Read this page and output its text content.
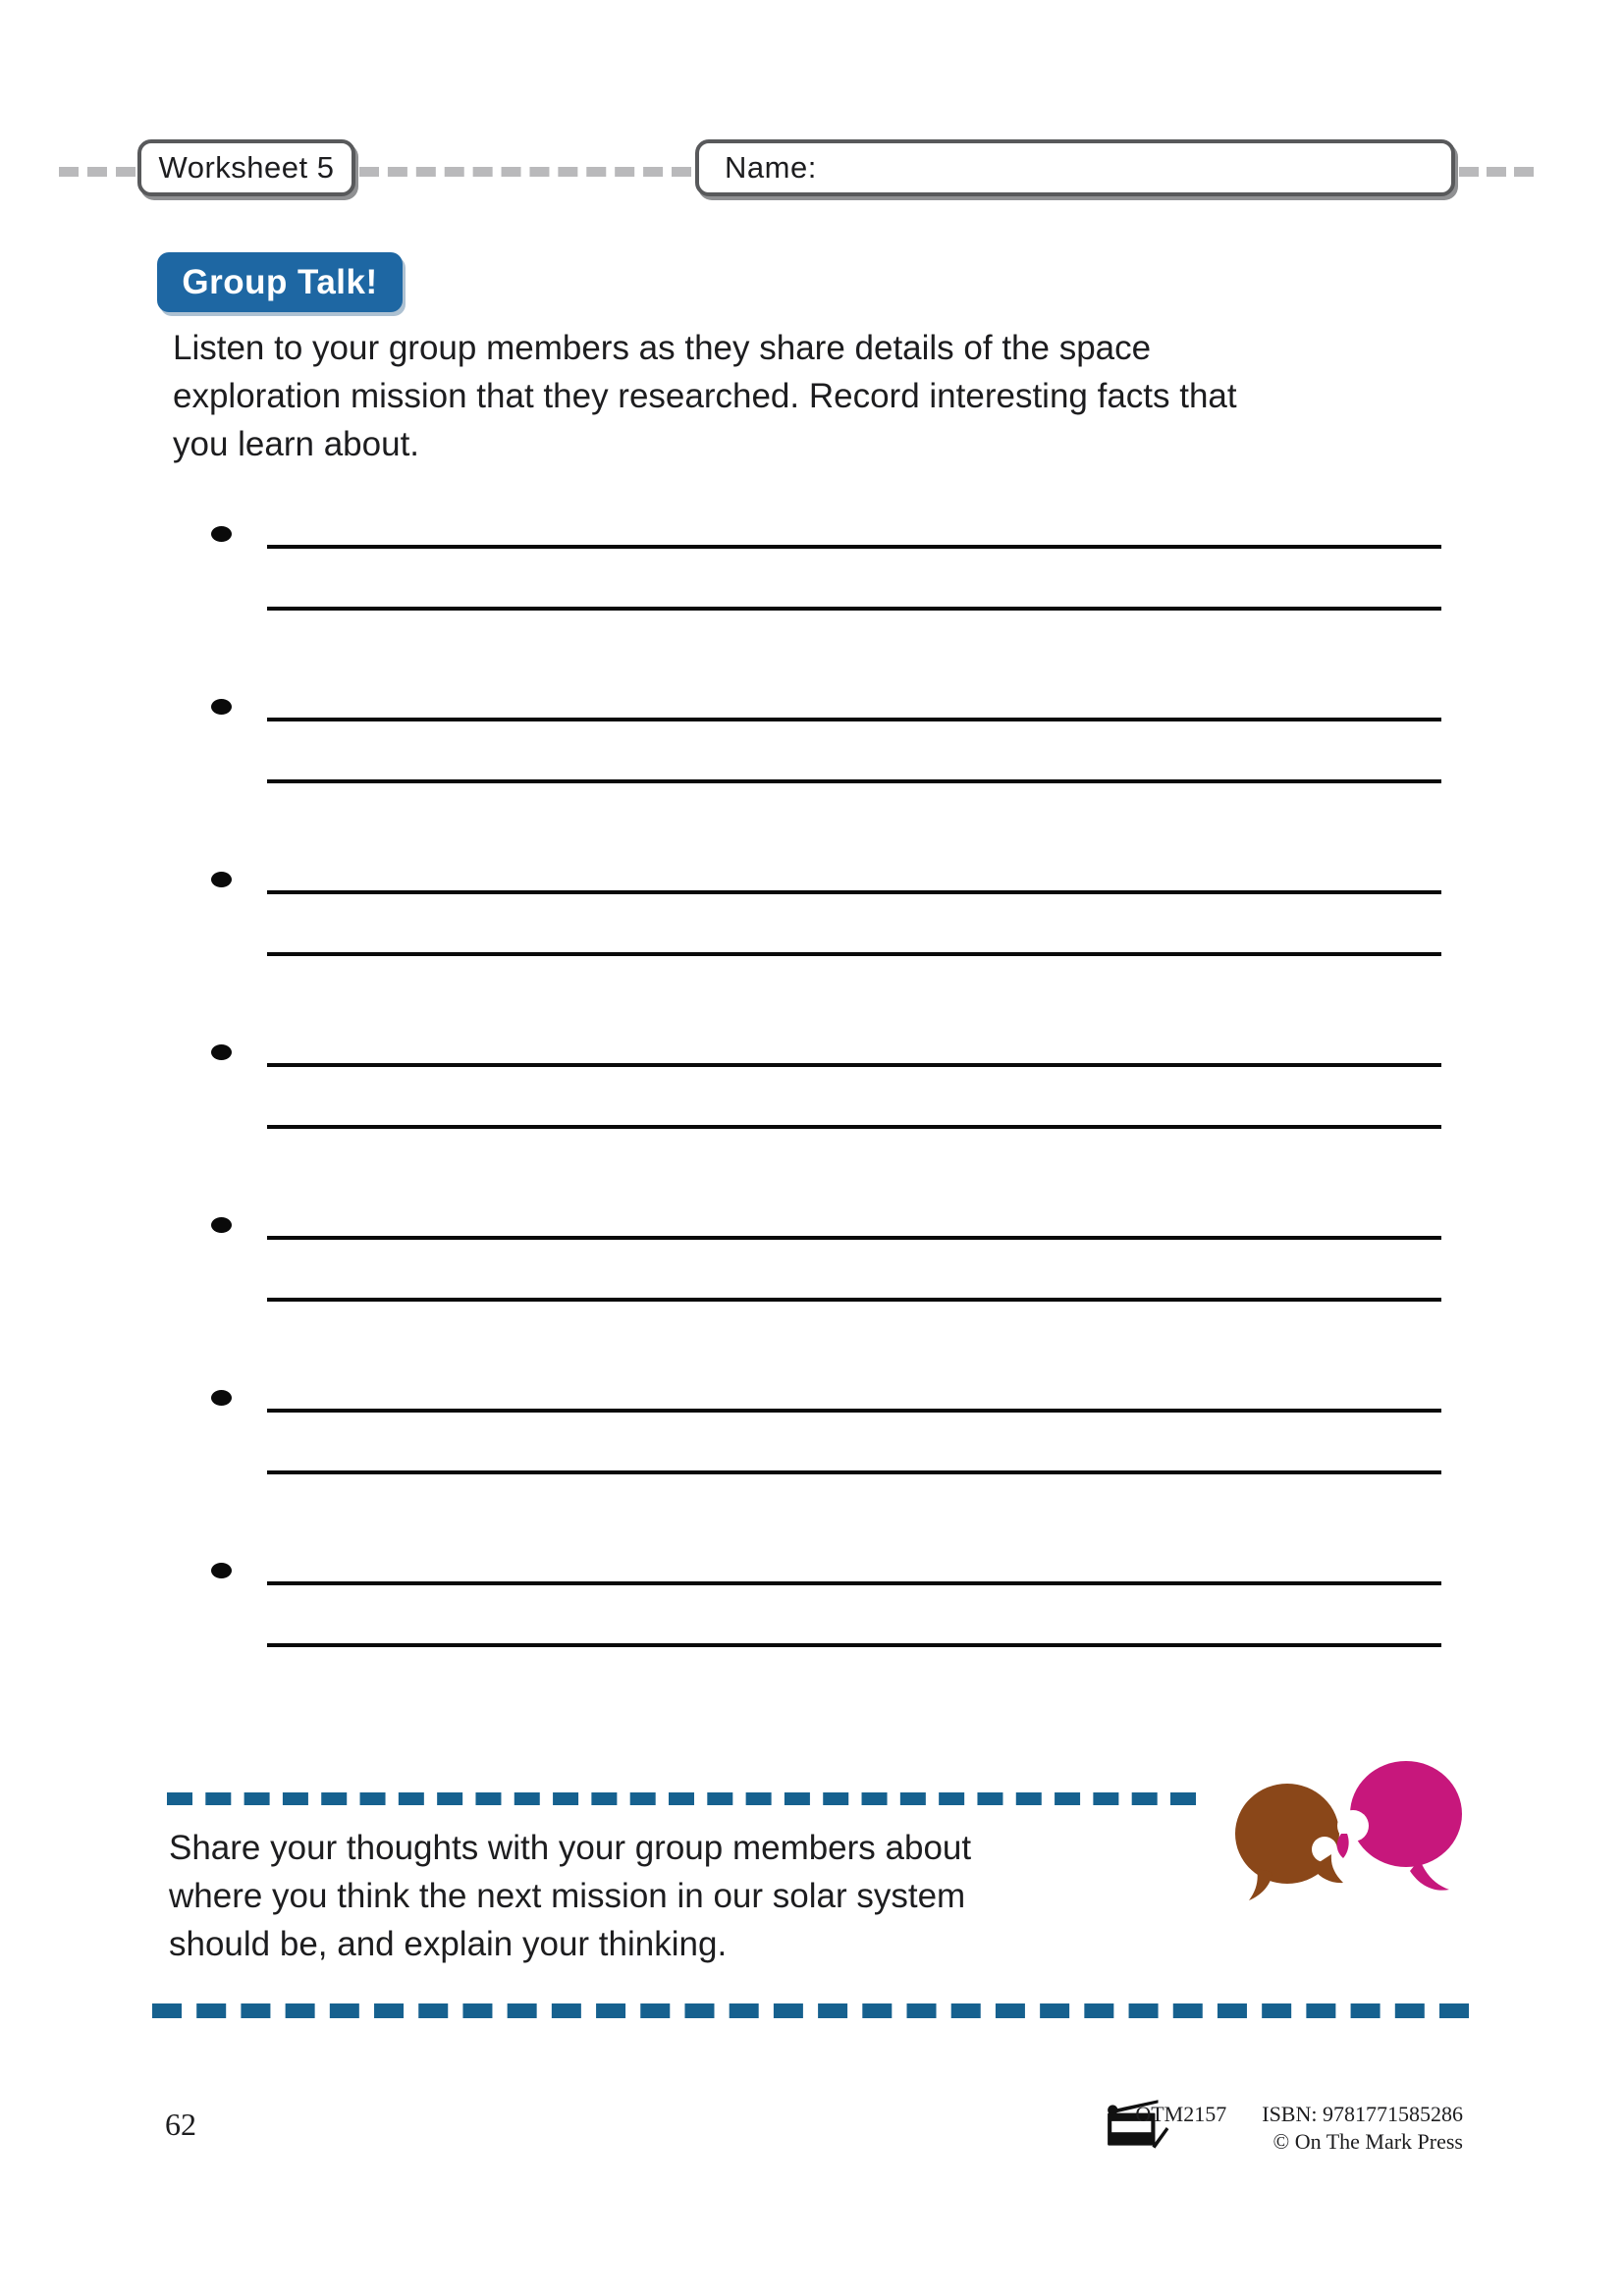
Worksheet 5	Name:
Group Talk!
Listen to your group members as they share details of the space
exploration mission that they researched. Record interesting facts that
you learn about.
Share your thoughts with your group members about
where you think the next mission in our solar system
should be, and explain your thinking.
62	OTM2157 ISBN: 9781771585286
© On The Mark Press
